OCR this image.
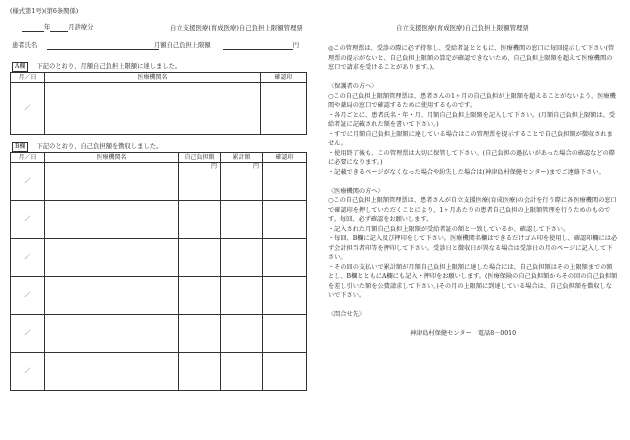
(様式第1号)(第6条関係)
年	月診療分	自立支援医療(育成医療)自己負担上限額管理票
患者氏名	月額自己負担上限額	円
A欄 下記のとおり、月額自己負担上限額に達しました。
月／日	医療機関名	確認印
／		
B欄 下記のとおり、自己負担額を徴収しました。
月／日	医療機関名	自己負担額	累計額	確認印
／		円	円	
／				
／				
／				
／				
／				
自立支援医療(育成医療)自己負担上限額管理票

◎この管理票は、受診の際に必ず持参し、受給者証とともに、医療機関の窓口に毎回提示して下さい(管理票の提示がないと、自己負担上限額の算定が確認できないため、自己負担上限額を超えて医療機関の窓口で請求を受けることがあります。)。

〈保護者の方へ〉

○この自己負担上限額管理票は、患者さんの1ヶ月の自己負担が上限額を超えることがないよう、医療機関や薬局の窓口で確認するために使用するものです。

・各月ごとに、患者氏名・年・月、月額自己負担上限額を記入して下さい。(月額自己負担上限額は、受給者証に記載された額を書いて下さい。)

・すでに月額自己負担上限額に達している場合はこの管理票を提示することで自己負担額が徴収されません。

・使用終了後も、この管理票は大切に保管して下さい。(自己負担の過払いがあった場合の確認などの際に必要になります。)

・記載できるページがなくなった場合や紛失した場合は(神津島村保健センター)までご連絡下さい。

〈医療機関の方へ〉

○この自己負担上限額管理票は、患者さんが自立支援医療(育成医療)の会計を行う際に各医療機関の窓口で確認印を押していただくことにより、1ヶ月あたりの患者自己負担の上限額管理を行うためのものです。毎回、必ず確認をお願いします。

・記入された月額自己負担上限額が受給者証の額と一致しているか、確認して下さい。

・毎回、B欄に記入及び押印をして下さい。医療機関名欄はできるだけゴム印を使用し、確認印欄には必ず会計担当者印等を押印して下さい。受診日と徴収日が異なる場合は受診日の月のページに記入して下さい。

・その回の支払いで累計額が月額自己負担上限額に達した場合には、自己負担額はその上限額までの額とし、B欄とともにA欄にも記入・押印をお願いします。(医療保険の自己負担額からその回の自己負担額を差し引いた額を公費請求して下さい。)その月の上限額に到達している場合は、自己負担額を徴収しないで下さい。

〈問合せ先〉

神津島村保健センター　電話8－0010
